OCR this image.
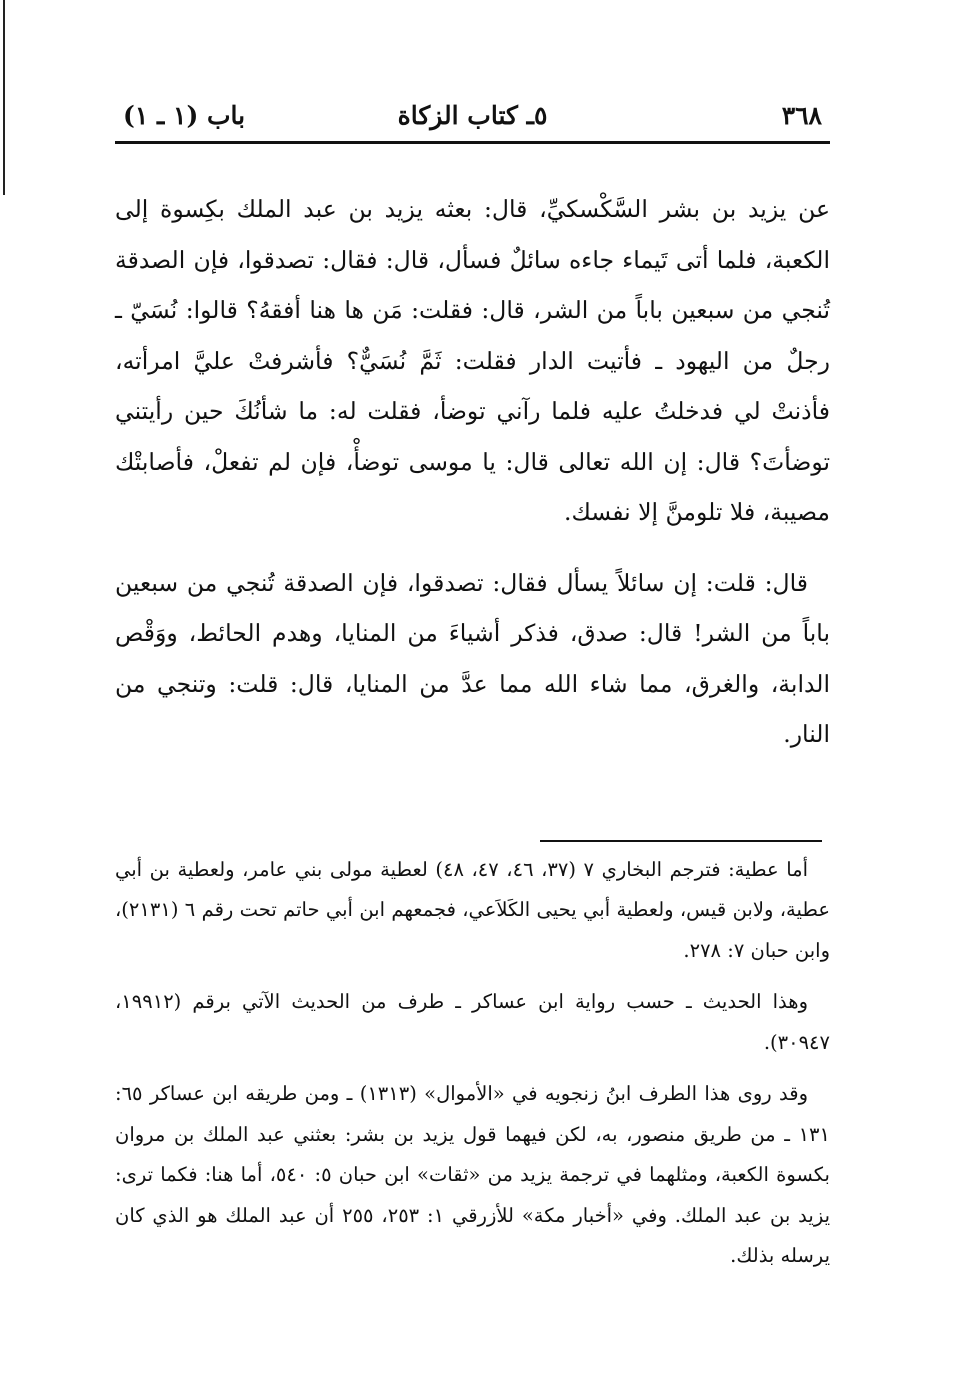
٣٦٨
٥ـ كتاب الزكاة
باب (١ ـ ١)

عن يزيد بن بشر السَّكْسكيِّ، قال: بعثه يزيد بن عبد الملك بكِسوة إلى الكعبة، فلما أتى تَيماء جاءه سائلٌ فسأل، قال: فقال: تصدقوا، فإن الصدقة تُنجي من سبعين باباً من الشر، قال: فقلت: مَن ها هنا أفقهُ؟ قالوا: نُسَيّ ـ رجلٌ من اليهود ـ فأتيت الدار فقلت: ثَمَّ نُسَيٌّ؟ فأشرفتْ عليَّ امرأته، فأذنتْ لي فدخلتُ عليه فلما رآني توضأ، فقلت له: ما شأنُكَ حين رأيتني توضأتَ؟ قال: إن الله تعالى قال: يا موسى توضأْ، فإن لم تفعلْ، فأصابتْك مصيبة، فلا تلومنَّ إلا نفسك.

قال: قلت: إن سائلاً يسأل فقال: تصدقوا، فإن الصدقة تُنجي من سبعين باباً من الشر! قال: صدق، فذكر أشياءَ من المنايا، وهدم الحائط، ووَقْص الدابة، والغرق، مما شاء الله مما عدَّ من المنايا، قال: قلت: وتنجي من النار.

أما عطية: فترجم البخاري ٧ (٣٧، ٤٦، ٤٧، ٤٨) لعطية مولى بني عامر، ولعطية بن أبي عطية، ولابن قيس، ولعطية أبي يحيى الكَلاَعي، فجمعهم ابن أبي حاتم تحت رقم ٦ (٢١٣١)، وابن حبان ٧: ٢٧٨.

وهذا الحديث ـ حسب رواية ابن عساكر ـ طرف من الحديث الآتي برقم (١٩٩١٢، ٣٠٩٤٧).

وقد روى هذا الطرف ابنُ زنجويه في «الأموال» (١٣١٣) ـ ومن طريقه ابن عساكر ٦٥: ١٣١ ـ من طريق منصور، به، لكن فيهما قول يزيد بن بشر: بعثني عبد الملك بن مروان بكسوة الكعبة، ومثلهما في ترجمة يزيد من «ثقات» ابن حبان ٥: ٥٤٠، أما هنا: فكما ترى: يزيد بن عبد الملك. وفي «أخبار مكة» للأزرقي ١: ٢٥٣، ٢٥٥ أن عبد الملك هو الذي كان يرسله بذلك.
